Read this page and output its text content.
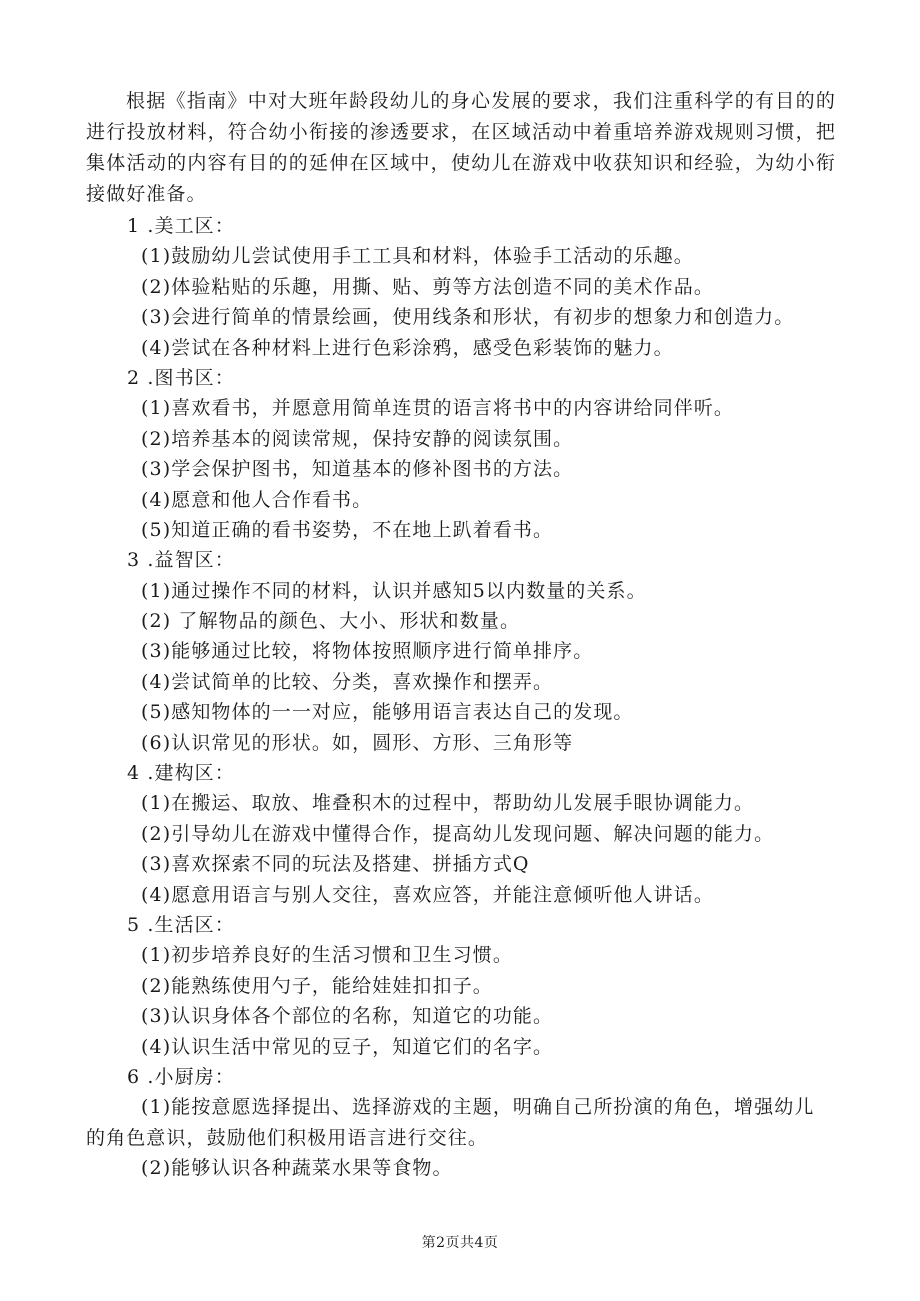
根据《指南》中对大班年龄段幼儿的身心发展的要求，我们注重科学的有目的的进行投放材料，符合幼小衔接的渗透要求，在区域活动中着重培养游戏规则习惯，把集体活动的内容有目的的延伸在区域中，使幼儿在游戏中收获知识和经验，为幼小衔接做好准备。

1 .美工区：
(1)鼓励幼儿尝试使用手工工具和材料，体验手工活动的乐趣。
(2)体验粘贴的乐趣，用撕、贴、剪等方法创造不同的美术作品。
(3)会进行简单的情景绘画，使用线条和形状，有初步的想象力和创造力。
(4)尝试在各种材料上进行色彩涂鸦，感受色彩装饰的魅力。
2 .图书区：
(1)喜欢看书，并愿意用简单连贯的语言将书中的内容讲给同伴听。
(2)培养基本的阅读常规，保持安静的阅读氛围。
(3)学会保护图书，知道基本的修补图书的方法。
(4)愿意和他人合作看书。
(5)知道正确的看书姿势，不在地上趴着看书。
3 .益智区：
(1)通过操作不同的材料，认识并感知5以内数量的关系。
(2) 了解物品的颜色、大小、形状和数量。
(3)能够通过比较，将物体按照顺序进行简单排序。
(4)尝试简单的比较、分类，喜欢操作和摆弄。
(5)感知物体的一一对应，能够用语言表达自己的发现。
(6)认识常见的形状。如，圆形、方形、三角形等
4 .建构区：
(1)在搬运、取放、堆叠积木的过程中，帮助幼儿发展手眼协调能力。
(2)引导幼儿在游戏中懂得合作，提高幼儿发现问题、解决问题的能力。
(3)喜欢探索不同的玩法及搭建、拼插方式Q
(4)愿意用语言与别人交往，喜欢应答，并能注意倾听他人讲话。
5 .生活区：
(1)初步培养良好的生活习惯和卫生习惯。
(2)能熟练使用勺子，能给娃娃扣扣子。
(3)认识身体各个部位的名称，知道它的功能。
(4)认识生活中常见的豆子，知道它们的名字。
6 .小厨房：
(1)能按意愿选择提出、选择游戏的主题，明确自己所扮演的角色，增强幼儿
的角色意识，鼓励他们积极用语言进行交往。
(2)能够认识各种蔬菜水果等食物。
第2页共4页
